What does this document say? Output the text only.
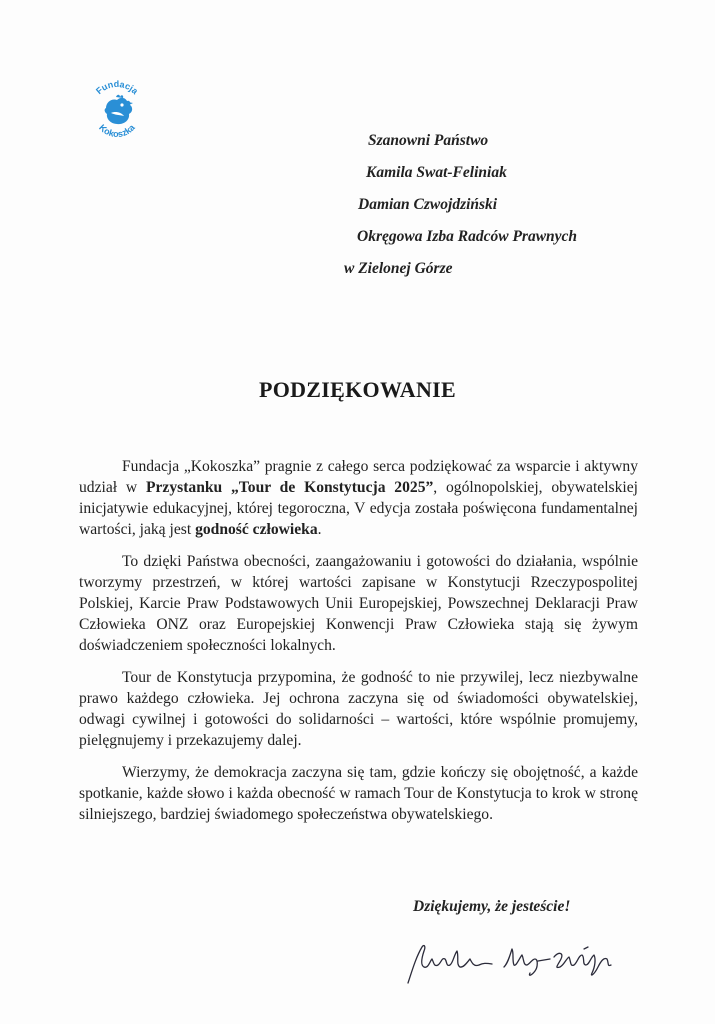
Fundacja
Kokoszka
Szanowni Państwo
Kamila Swat-Feliniak
Damian Czwojdziński
Okręgowa Izba Radców Prawnych
w Zielonej Górze
PODZIĘKOWANIE

Fundacja „Kokoszka” pragnie z całego serca podziękować za wsparcie i aktywny udział w Przystanku „Tour de Konstytucja 2025”, ogólnopolskiej, obywatelskiej inicjatywie edukacyjnej, której tegoroczna, V edycja została poświęcona fundamentalnej wartości, jaką jest godność człowieka.

To dzięki Państwa obecności, zaangażowaniu i gotowości do działania, wspólnie tworzymy przestrzeń, w której wartości zapisane w Konstytucji Rzeczypospolitej Polskiej, Karcie Praw Podstawowych Unii Europejskiej, Powszechnej Deklaracji Praw Człowieka ONZ oraz Europejskiej Konwencji Praw Człowieka stają się żywym doświadczeniem społeczności lokalnych.

Tour de Konstytucja przypomina, że godność to nie przywilej, lecz niezbywalne prawo każdego człowieka. Jej ochrona zaczyna się od świadomości obywatelskiej, odwagi cywilnej i gotowości do solidarności – wartości, które wspólnie promujemy, pielęgnujemy i przekazujemy dalej.

Wierzymy, że demokracja zaczyna się tam, gdzie kończy się obojętność, a każde spotkanie, każde słowo i każda obecność w ramach Tour de Konstytucja to krok w stronę silniejszego, bardziej świadomego społeczeństwa obywatelskiego.

Dziękujemy, że jesteście!
